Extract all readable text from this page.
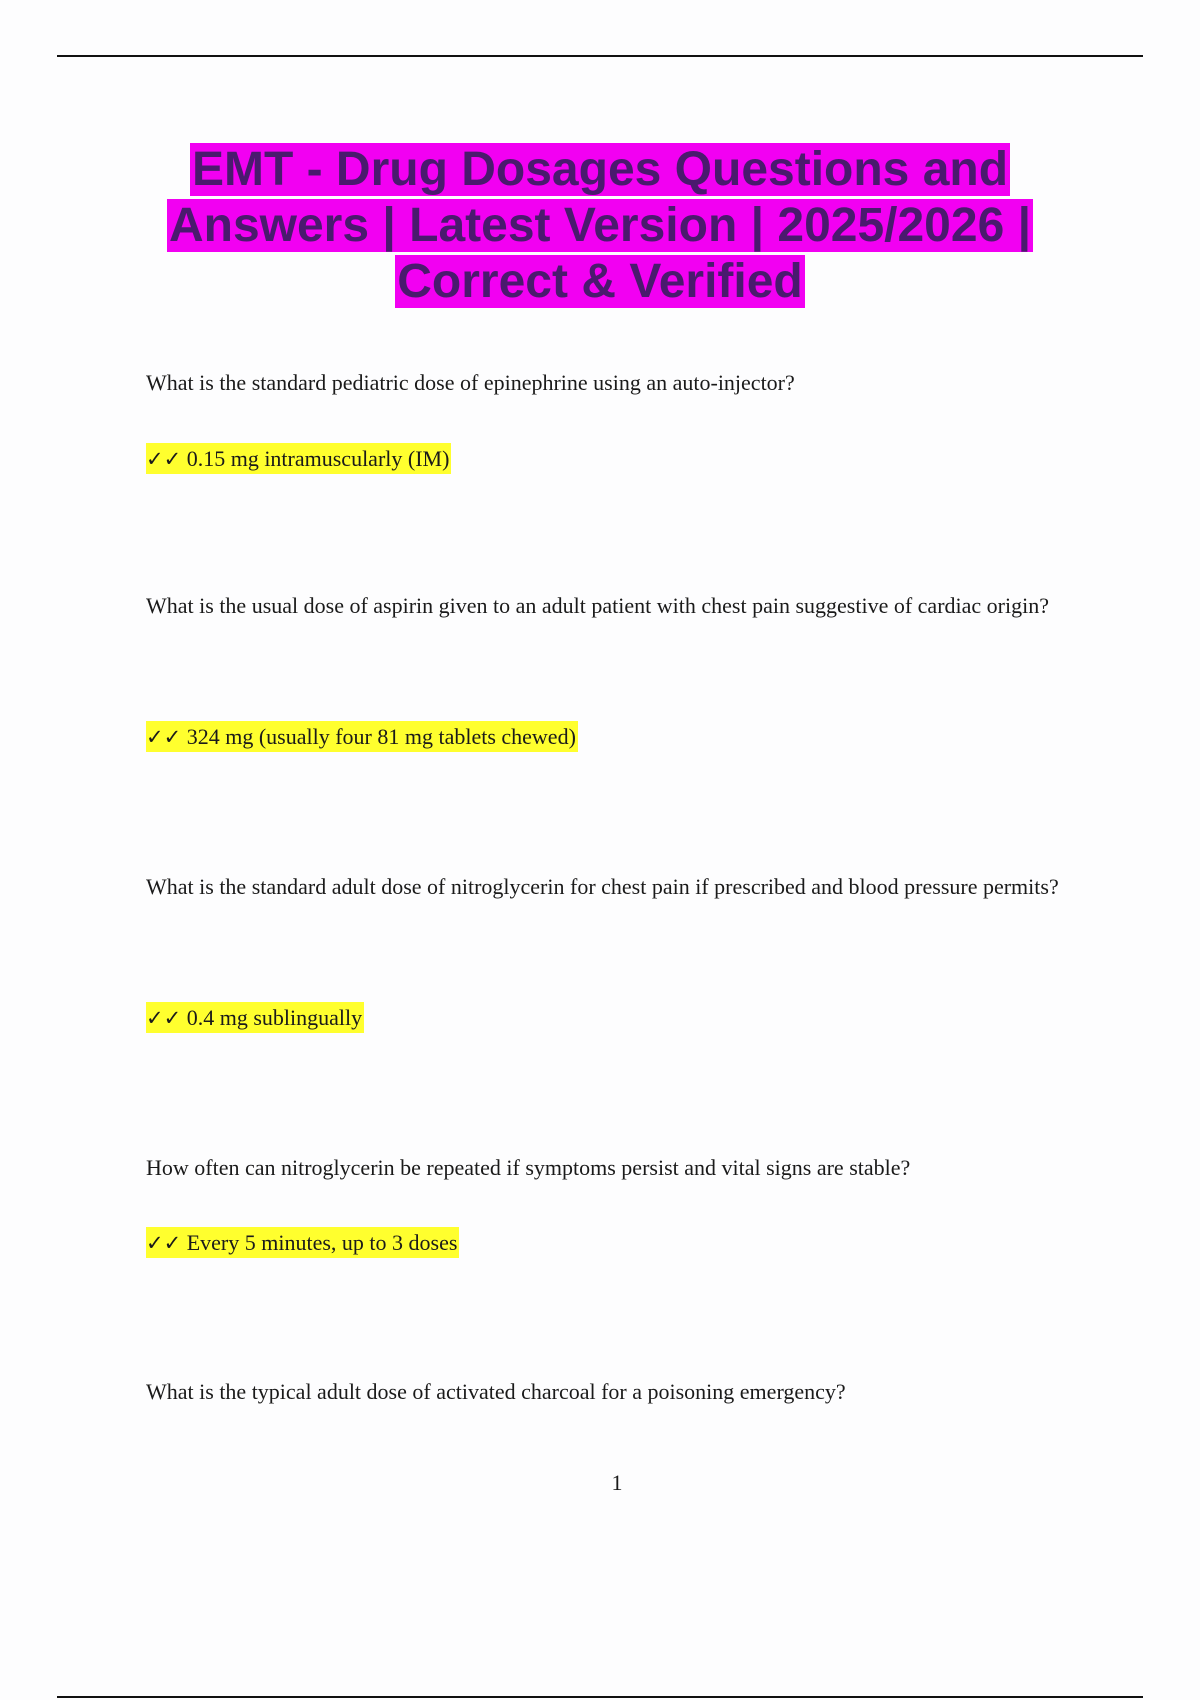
EMT - Drug Dosages Questions and Answers | Latest Version | 2025/2026 | Correct & Verified

What is the standard pediatric dose of epinephrine using an auto-injector?

✓✓ 0.15 mg intramuscularly (IM)

What is the usual dose of aspirin given to an adult patient with chest pain suggestive of cardiac origin?

✓✓ 324 mg (usually four 81 mg tablets chewed)

What is the standard adult dose of nitroglycerin for chest pain if prescribed and blood pressure permits?

✓✓ 0.4 mg sublingually

How often can nitroglycerin be repeated if symptoms persist and vital signs are stable?

✓✓ Every 5 minutes, up to 3 doses

What is the typical adult dose of activated charcoal for a poisoning emergency?

1
